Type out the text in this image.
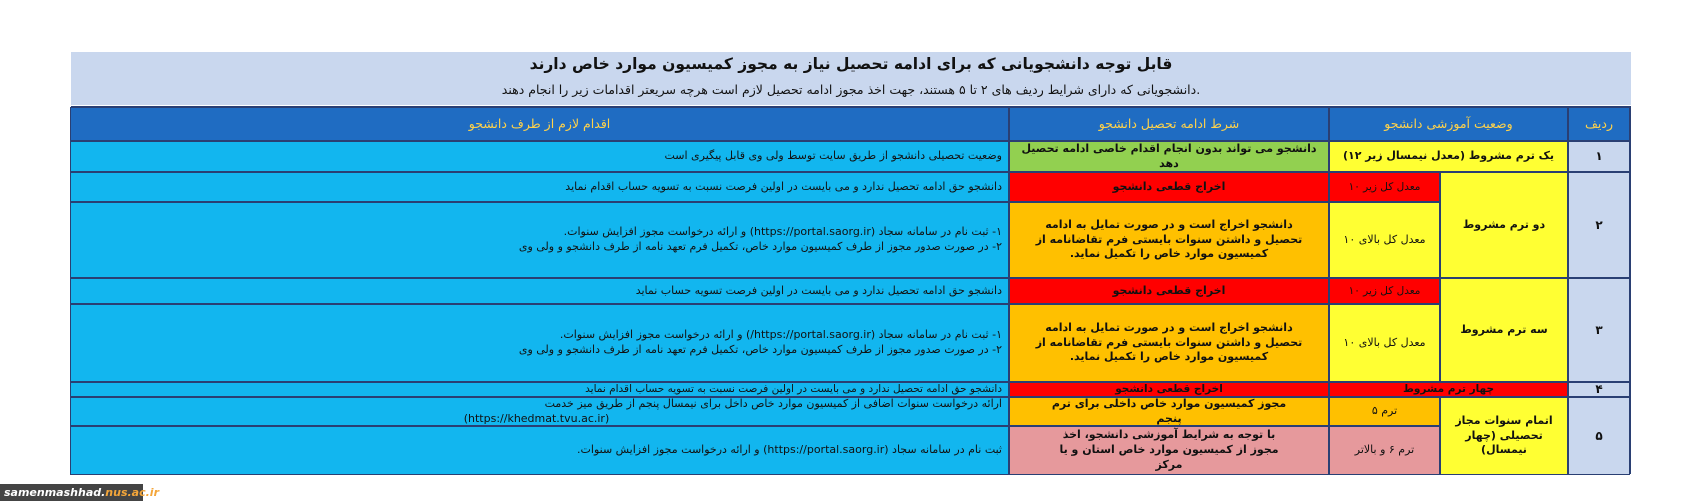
قابل توجه دانشجویانی که برای ادامه تحصیل نیاز به مجوز کمیسیون موارد خاص دارند
دانشجویانی که دارای شرایط ردیف های ۲ تا ۵ هستند، جهت اخذ مجوز ادامه تحصیل لازم است هرچه سریعتر اقدامات زیر را انجام دهند.
ردیف
وضعیت آموزشی دانشجو
شرط ادامه تحصیل دانشجو
اقدام لازم از طرف دانشجو
۱
یک ترم مشروط (معدل نیمسال زیر ۱۲)
دانشجو می تواند بدون انجام اقدام خاصی ادامه تحصیل دهد
وضعیت تحصیلی دانشجو از طریق سایت توسط ولی وی قابل پیگیری است
۲
دو ترم مشروط
معدل کل زیر ۱۰
اخراج قطعی دانشجو
دانشجو حق ادامه تحصیل ندارد و می بایست در اولین فرصت نسبت به تسویه حساب اقدام نماید
معدل کل بالای ۱۰
دانشجو اخراج است و در صورت تمایل به ادامه تحصیل و داشتن سنوات بایستی فرم تقاضانامه از کمیسیون موارد خاص را تکمیل نماید.
۱- ثبت نام در سامانه سجاد (https://portal.saorg.ir) و ارائه درخواست مجوز افزایش سنوات.
۲- در صورت صدور مجوز از طرف کمیسیون موارد خاص، تکمیل فرم تعهد نامه از طرف دانشجو و ولی وی
۳
سه ترم مشروط
معدل کل زیر ۱۰
اخراج قطعی دانشجو
دانشجو حق ادامه تحصیل ندارد و می بایست در اولین فرصت تسویه حساب نماید
معدل کل بالای ۱۰
دانشجو اخراج است و در صورت تمایل به ادامه تحصیل و داشتن سنوات بایستی فرم تقاضانامه از کمیسیون موارد خاص را تکمیل نماید.
۱- ثبت نام در سامانه سجاد (https://portal.saorg.ir/) و ارائه درخواست مجوز افزایش سنوات.
۲- در صورت صدور مجوز از طرف کمیسیون موارد خاص، تکمیل فرم تعهد نامه از طرف دانشجو و ولی وی
۴
چهار ترم مشروط
اخراج قطعی دانشجو
دانشجو حق ادامه تحصیل ندارد و می بایست در اولین فرصت نسبت به تسویه حساب اقدام نماید
۵
اتمام سنوات مجاز تحصیلی (چهار نیمسال)
ترم ۵
مجوز کمیسیون موارد خاص داخلی برای ترم پنجم
ارائه درخواست سنوات اضافی از کمیسیون موارد خاص داخل برای نیمسال پنجم از طریق میز خدمت
(https://khedmat.tvu.ac.ir)
ترم ۶ و بالاتر
با توجه به شرایط آموزشی دانشجو، اخذ مجوز از کمیسیون موارد خاص استان و یا مرکز
ثبت نام در سامانه سجاد (https://portal.saorg.ir) و ارائه درخواست مجوز افزایش سنوات.
samenmashhad. nus.ac.ir
